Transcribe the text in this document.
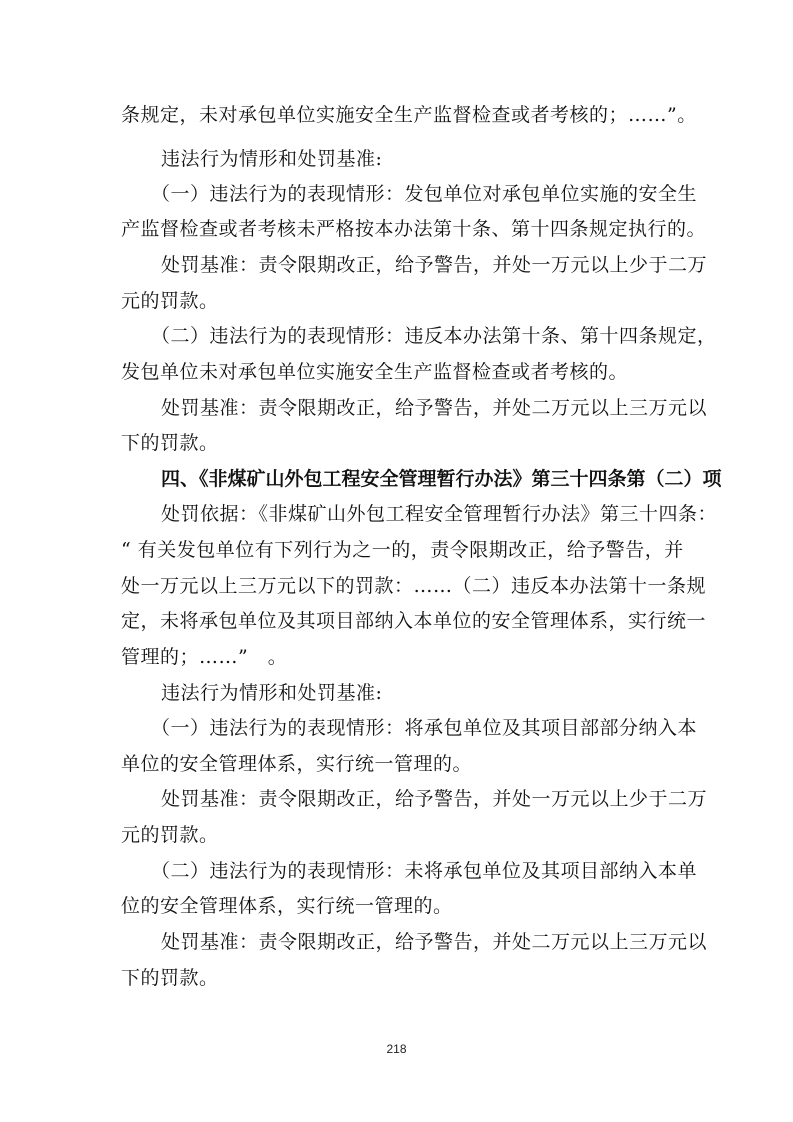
条规定，未对承包单位实施安全生产监督检查或者考核的；……”。
违法行为情形和处罚基准:
（一）违法行为的表现情形：发包单位对承包单位实施的安全生
产监督检查或者考核未严格按本办法第十条、第十四条规定执行的。
处罚基准：责令限期改正，给予警告，并处一万元以上少于二万
元的罚款。
（二）违法行为的表现情形：违反本办法第十条、第十四条规定，
发包单位未对承包单位实施安全生产监督检查或者考核的。
处罚基准：责令限期改正，给予警告，并处二万元以上三万元以
下的罚款。
四、《非煤矿山外包工程安全管理暂行办法》第三十四条第（二）项
处罚依据：《非煤矿山外包工程安全管理暂行办法》第三十四条：
“ 有关发包单位有下列行为之一的，责令限期改正，给予警告，并
处一万元以上三万元以下的罚款：……（二）违反本办法第十一条规
定，未将承包单位及其项目部纳入本单位的安全管理体系，实行统一
管理的；……”　。
违法行为情形和处罚基准:
（一）违法行为的表现情形：将承包单位及其项目部部分纳入本
单位的安全管理体系，实行统一管理的。
处罚基准：责令限期改正，给予警告，并处一万元以上少于二万
元的罚款。
（二）违法行为的表现情形：未将承包单位及其项目部纳入本单
位的安全管理体系，实行统一管理的。
处罚基准：责令限期改正，给予警告，并处二万元以上三万元以
下的罚款。
218
